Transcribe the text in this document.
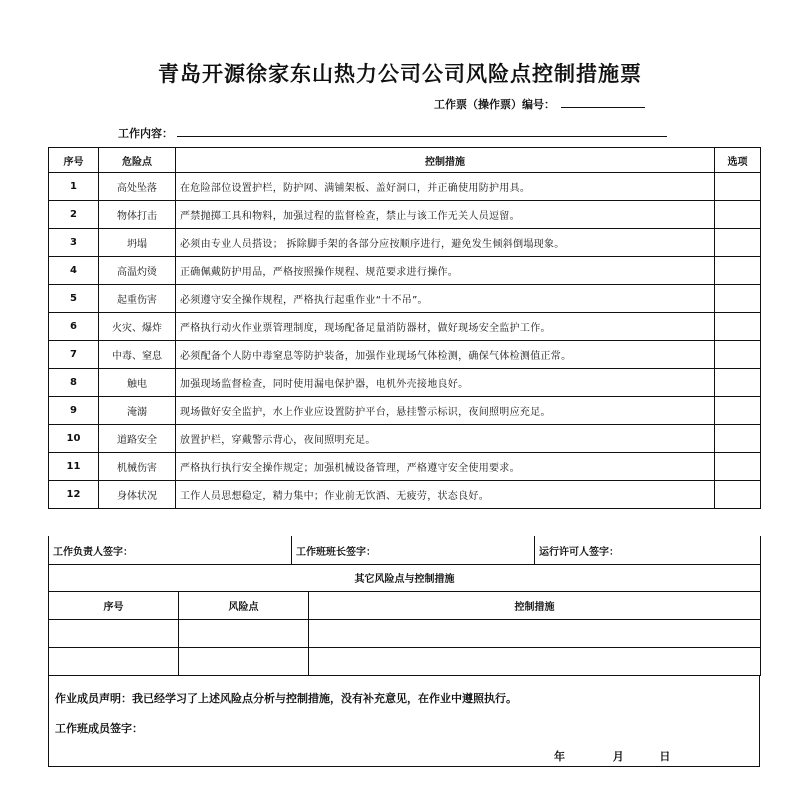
青岛开源徐家东山热力公司公司风险点控制措施票
工作票（操作票）编号：
工作内容：
序号	危险点	控制措施	选项
1	高处坠落	在危险部位设置护栏，防护网、满铺架板、盖好洞口，并正确使用防护用具。	
2	物体打击	严禁抛掷工具和物料，加强过程的监督检查，禁止与该工作无关人员逗留。	
3	坍塌	必须由专业人员搭设； 拆除脚手架的各部分应按顺序进行，避免发生倾斜倒塌现象。	
4	高温灼烫	正确佩戴防护用品，严格按照操作规程、规范要求进行操作。	
5	起重伤害	必须遵守安全操作规程，严格执行起重作业“十不吊”。	
6	火灾、爆炸	严格执行动火作业票管理制度，现场配备足量消防器材，做好现场安全监护工作。	
7	中毒、窒息	必须配备个人防中毒窒息等防护装备，加强作业现场气体检测，确保气体检测值正常。	
8	触电	加强现场监督检查，同时使用漏电保护器，电机外壳接地良好。	
9	淹溺	现场做好安全监护，水上作业应设置防护平台，悬挂警示标识，夜间照明应充足。	
10	道路安全	放置护栏，穿戴警示背心，夜间照明充足。	
11	机械伤害	严格执行执行安全操作规定；加强机械设备管理，严格遵守安全使用要求。	
12	身体状况	工作人员思想稳定，精力集中；作业前无饮酒、无疲劳，状态良好。	
工作负责人签字：	工作班班长签字：	运行许可人签字：
其它风险点与控制措施		
序号	风险点	控制措施

作业成员声明：我已经学习了上述风险点分析与控制措施，没有补充意见，在作业中遵照执行。
工作班成员签字：
年	月	日
